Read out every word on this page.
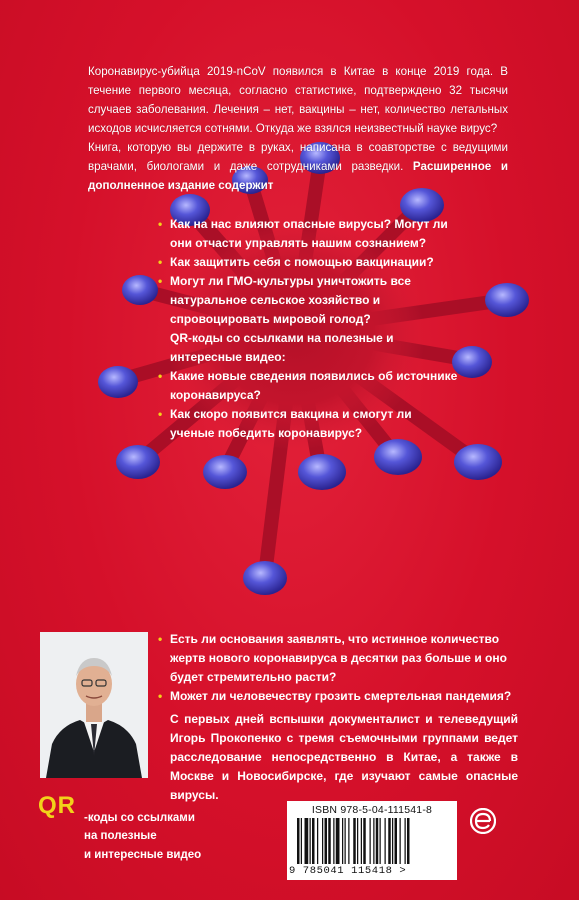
Коронавирус-убийца 2019-nCoV появился в Китае в конце 2019 года. В течение первого месяца, согласно статистике, подтверждено 32 тысячи случаев заболевания. Лечения – нет, вакцины – нет, количество летальных исходов исчисляется сотнями. Откуда же взялся неизвестный науке вирус?

Книга, которую вы держите в руках, написана в соавторстве с ведущими врачами, биологами и даже сотрудниками разведки. Расширенное и дополненное издание содержит

• Как на нас влияют опасные вирусы? Могут ли они отчасти управлять нашим сознанием?
• Как защитить себя с помощью вакцинации?
• Могут ли ГМО-культуры уничтожить все натуральное сельское хозяйство и спровоцировать мировой голод?
QR-коды со ссылками на полезные и интересные видео:
• Какие новые сведения появились об источнике коронавируса?
• Как скоро появится вакцина и смогут ли ученые победить коронавирус?
• Есть ли основания заявлять, что истинное количество жертв нового коронавируса в десятки раз больше и оно будет стремительно расти?
• Может ли человечеству грозить смертельная пандемия?
С первых дней вспышки документалист и телеведущий Игорь Прокопенко с тремя съемочными группами ведет расследование непосредственно в Китае, а также в Москве и Новосибирске, где изучают самые опасные вирусы.
QR -коды со ссылками
на полезные
и интересные видео
ISBN 978-5-04-111541-8
9 785041 115418 >
